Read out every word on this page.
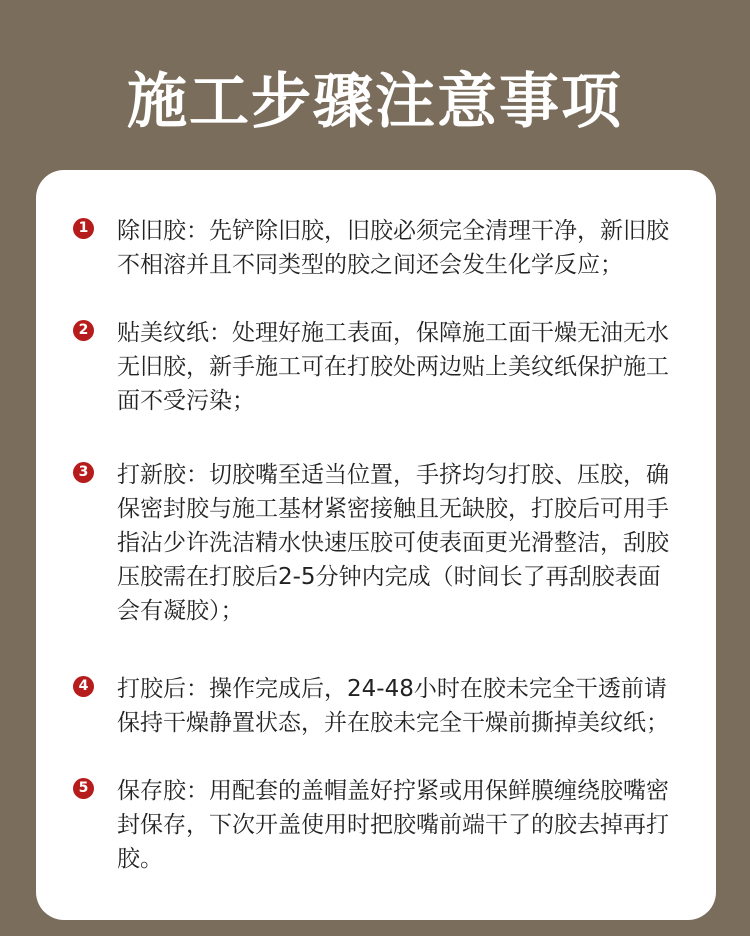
施工步骤注意事项
1 除旧胶：先铲除旧胶，旧胶必须完全清理干净，新旧胶
不相溶并且不同类型的胶之间还会发生化学反应；
2 贴美纹纸：处理好施工表面，保障施工面干燥无油无水
无旧胶，新手施工可在打胶处两边贴上美纹纸保护施工
面不受污染；
3 打新胶：切胶嘴至适当位置，手挤均匀打胶、压胶，确
保密封胶与施工基材紧密接触且无缺胶，打胶后可用手
指沾少许洗洁精水快速压胶可使表面更光滑整洁，刮胶
压胶需在打胶后2-5分钟内完成（时间长了再刮胶表面
会有凝胶）；
4 打胶后：操作完成后，24-48小时在胶未完全干透前请
保持干燥静置状态，并在胶未完全干燥前撕掉美纹纸；
5 保存胶：用配套的盖帽盖好拧紧或用保鲜膜缠绕胶嘴密
封保存，下次开盖使用时把胶嘴前端干了的胶去掉再打
胶。
